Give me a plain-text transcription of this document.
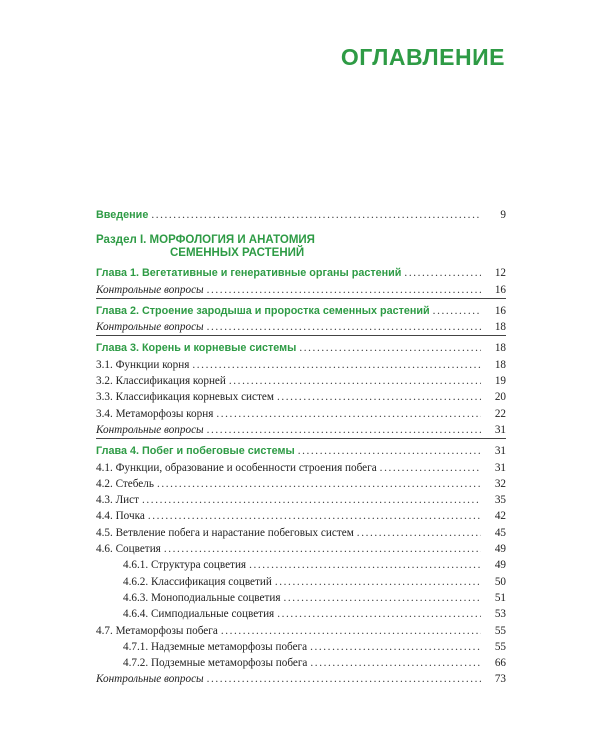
ОГЛАВЛЕНИЕ
Введение . . .	9
Раздел I. МОРФОЛОГИЯ И АНАТОМИЯ
СЕМЕННЫХ РАСТЕНИЙ
Глава 1. Вегетативные и генеративные органы растений . . .	12
Контрольные вопросы . . .	16
Глава 2. Строение зародыша и проростка семенных растений . . .	16
Контрольные вопросы . . .	18
Глава 3. Корень и корневые системы . . .	18
3.1. Функции корня . . .	18
3.2. Классификация корней . . .	19
3.3. Классификация корневых систем . . .	20
3.4. Метаморфозы корня . . .	22
Контрольные вопросы . . .	31
Глава 4. Побег и побеговые системы . . .	31
4.1. Функции, образование и особенности строения побега . . .	31
4.2. Стебель . . .	32
4.3. Лист . . .	35
4.4. Почка . . .	42
4.5. Ветвление побега и нарастание побеговых систем . . .	45
4.6. Соцветия . . .	49
4.6.1. Структура соцветия . . .	49
4.6.2. Классификация соцветий . . .	50
4.6.3. Моноподиальные соцветия . . .	51
4.6.4. Симподиальные соцветия . . .	53
4.7. Метаморфозы побега . . .	55
4.7.1. Надземные метаморфозы побега . . .	55
4.7.2. Подземные метаморфозы побега . . .	66
Контрольные вопросы . . .	73
